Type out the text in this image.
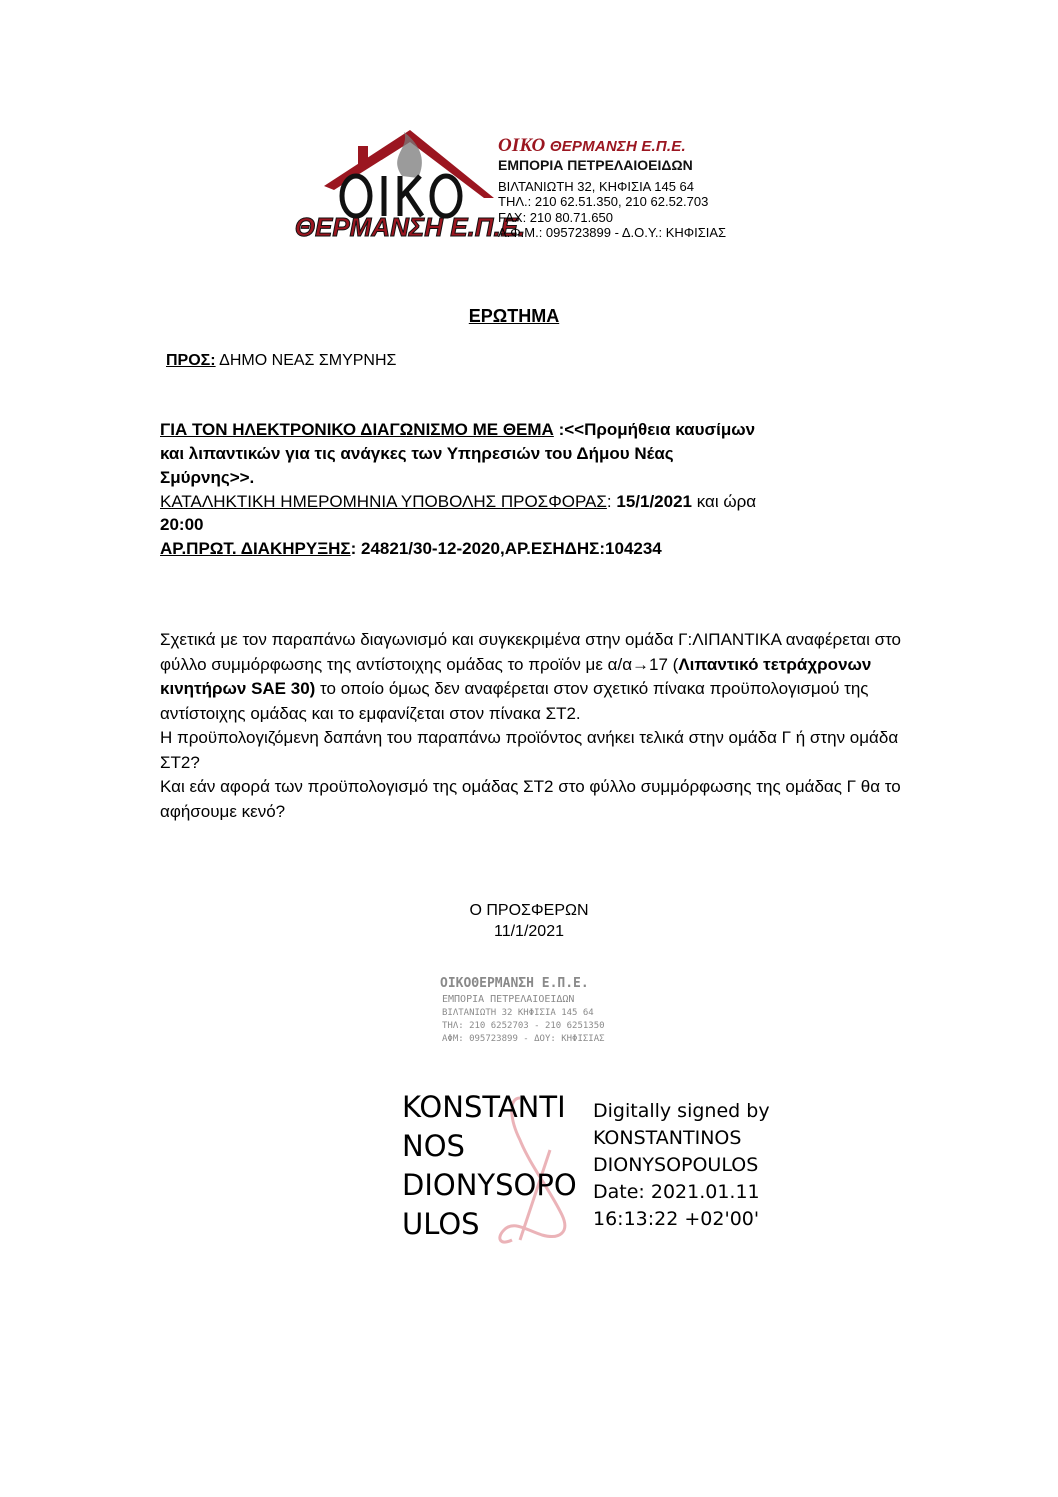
ΘΕΡΜΑΝΣΗ Ε.Π.Ε.
ΟΙΚΟ ΘΕΡΜΑΝΣΗ Ε.Π.Ε.
ΕΜΠΟΡΙΑ ΠΕΤΡΕΛΑΙΟΕΙΔΩΝ
ΒΙΛΤΑΝΙΩΤΗ 32, ΚΗΦΙΣΙΑ 145 64
ΤΗΛ.: 210 62.51.350, 210 62.52.703
FAX: 210 80.71.650
Α.Φ.Μ.: 095723899 - Δ.Ο.Υ.: ΚΗΦΙΣΙΑΣ
ΕΡΩΤΗΜΑ
ΠΡΟΣ: ΔΗΜΟ ΝΕΑΣ ΣΜΥΡΝΗΣ
ΓΙΑ ΤΟΝ ΗΛΕΚΤΡΟΝΙΚΟ ΔΙΑΓΩΝΙΣΜΟ ΜΕ ΘΕΜΑ :<<Προμήθεια καυσίμων
και λιπαντικών για τις ανάγκες των Υπηρεσιών του Δήμου Νέας
Σμύρνης>>.
ΚΑΤΑΛΗΚΤΙΚΗ ΗΜΕΡΟΜΗΝΙΑ ΥΠΟΒΟΛΗΣ ΠΡΟΣΦΟΡΑΣ: 15/1/2021 και ώρα
20:00
ΑΡ.ΠΡΩΤ. ΔΙΑΚΗΡΥΞΗΣ: 24821/30-12-2020,ΑΡ.ΕΣΗΔΗΣ:104234

Σχετικά με τον παραπάνω διαγωνισμό και συγκεκριμένα στην ομάδα Γ:ΛΙΠΑΝΤΙΚΑ αναφέρεται στο φύλλο συμμόρφωσης της αντίστοιχης ομάδας το προϊόν με α/α→17 (Λιπαντικό τετράχρονων κινητήρων SAE 30) το οποίο όμως δεν αναφέρεται στον σχετικό πίνακα προϋπολογισμού της αντίστοιχης ομάδας και το εμφανίζεται στον πίνακα ΣΤ2.

Η προϋπολογιζόμενη δαπάνη του παραπάνω προϊόντος ανήκει τελικά στην ομάδα Γ ή στην ομάδα ΣΤ2?

Και εάν αφορά των προϋπολογισμό της ομάδας ΣΤ2 στο φύλλο συμμόρφωσης της ομάδας Γ θα το αφήσουμε κενό?

Ο ΠΡΟΣΦΕΡΩΝ
11/1/2021
ΟΙΚΟΘΕΡΜΑΝΣΗ Ε.Π.Ε.
ΕΜΠΟΡΙΑ ΠΕΤΡΕΛΑΙΟΕΙΔΩΝ
ΒΙΛΤΑΝΙΩΤΗ 32 ΚΗΦΙΣΙΑ 145 64
ΤΗΛ: 210 6252703 - 210 6251350
ΑΦΜ: 095723899 - ΔΟΥ: ΚΗΦΙΣΙΑΣ
KONSTANTI
NOS
DIONYSOPO
ULOS
Digitally signed by
KONSTANTINOS
DIONYSOPOULOS
Date: 2021.01.11
16:13:22 +02'00'
